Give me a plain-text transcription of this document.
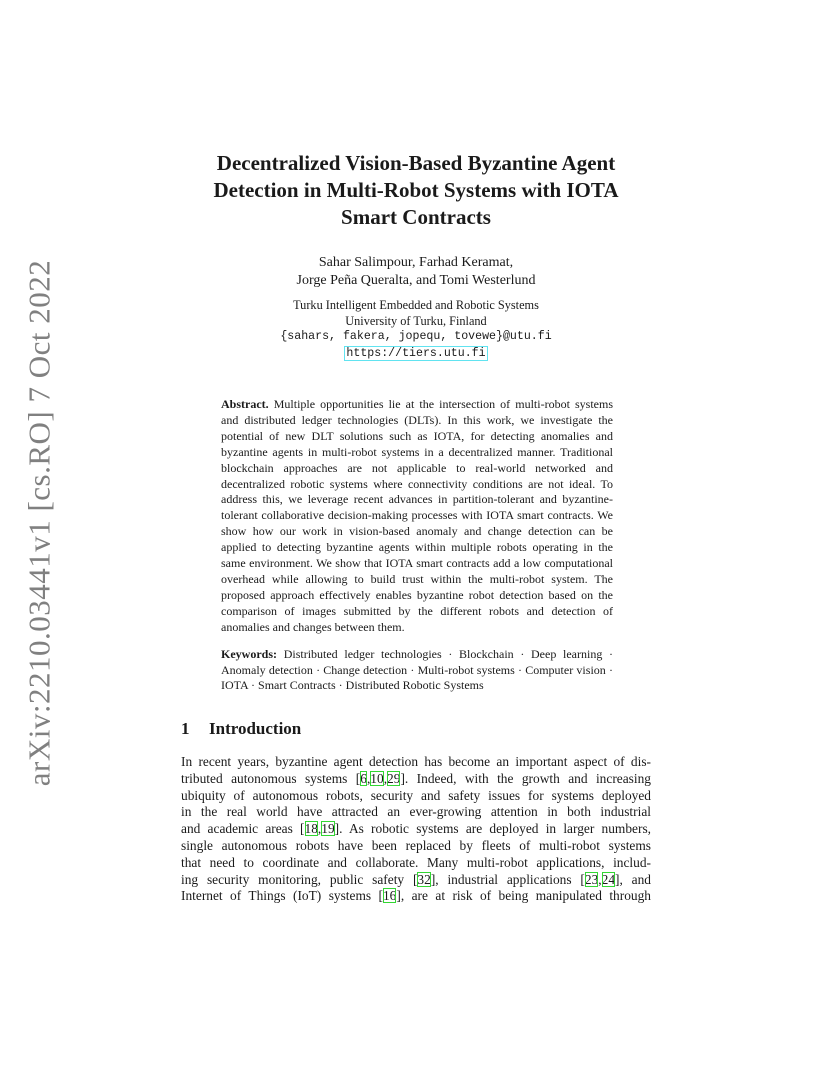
arXiv:2210.03441v1 [cs.RO] 7 Oct 2022
Decentralized Vision-Based Byzantine Agent
Detection in Multi-Robot Systems with IOTA
Smart Contracts
Sahar Salimpour, Farhad Keramat,
Jorge Peña Queralta, and Tomi Westerlund
Turku Intelligent Embedded and Robotic Systems
University of Turku, Finland
{sahars, fakera, jopequ, tovewe}@utu.fi
https://tiers.utu.fi

Abstract. Multiple opportunities lie at the intersection of multi-robot systems and distributed ledger technologies (DLTs). In this work, we investigate the potential of new DLT solutions such as IOTA, for detecting anomalies and byzantine agents in multi-robot systems in a decentralized manner. Traditional blockchain approaches are not applicable to real-world networked and decentralized robotic systems where connectivity conditions are not ideal. To address this, we leverage recent advances in partition-tolerant and byzantine-tolerant collaborative decision-making processes with IOTA smart contracts. We show how our work in vision-based anomaly and change detection can be applied to detecting byzantine agents within multiple robots operating in the same environment. We show that IOTA smart contracts add a low computational overhead while allowing to build trust within the multi-robot system. The proposed approach effectively enables byzantine robot detection based on the comparison of images submitted by the different robots and detection of anomalies and changes between them.

Keywords: Distributed ledger technologies · Blockchain · Deep learning · Anomaly detection · Change detection · Multi-robot systems · Computer vision · IOTA · Smart Contracts · Distributed Robotic Systems

1 Introduction
In recent years, byzantine agent detection has become an important aspect of dis-
tributed autonomous systems [6,10,29]. Indeed, with the growth and increasing
ubiquity of autonomous robots, security and safety issues for systems deployed
in the real world have attracted an ever-growing attention in both industrial
and academic areas [18,19]. As robotic systems are deployed in larger numbers,
single autonomous robots have been replaced by fleets of multi-robot systems
that need to coordinate and collaborate. Many multi-robot applications, includ-
ing security monitoring, public safety [32], industrial applications [23,24], and
Internet of Things (IoT) systems [16], are at risk of being manipulated through
